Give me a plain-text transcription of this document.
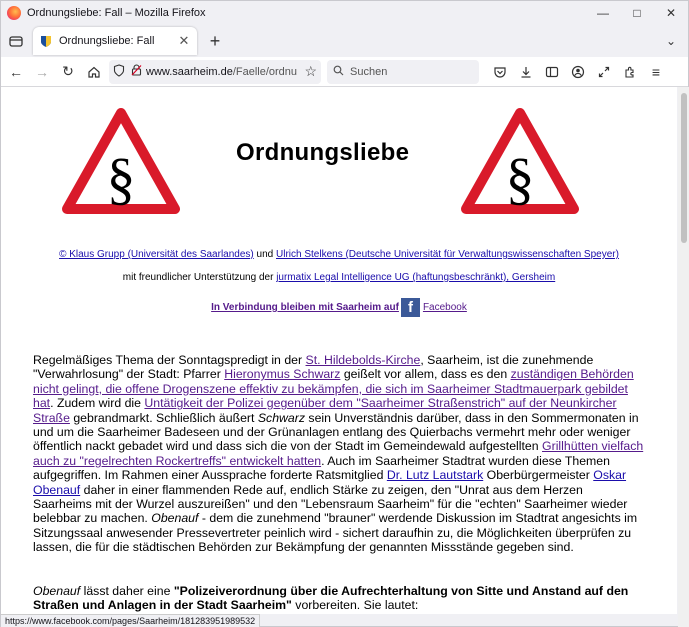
Ordnungsliebe: Fall – Mozilla Firefox	—	□	✕
Ordnungsliebe: Fall	✕	+	⌄
← → ↻	www.saarheim.de/Faelle/ordnu ☆	Suchen	≡
§	§
Ordnungsliebe
© Klaus Grupp (Universität des Saarlandes) und Ulrich Stelkens (Deutsche Universität für Verwaltungswissenschaften Speyer)
mit freundlicher Unterstützung der jurmatix Legal Intelligence UG (haftungsbeschränkt), Gersheim
In Verbindung bleiben mit Saarheim auf f	Facebook
Regelmäßiges Thema der Sonntagspredigt in der St. Hildebolds-Kirche, Saarheim, ist die zunehmende "Verwahrlosung" der Stadt: Pfarrer Hieronymus Schwarz geißelt vor allem, dass es den zuständigen Behörden nicht gelingt, die offene Drogenszene effektiv zu bekämpfen, die sich im Saarheimer Stadtmauerpark gebildet hat. Zudem wird die Untätigkeit der Polizei gegenüber dem "Saarheimer Straßenstrich" auf der Neunkircher Straße gebrandmarkt. Schließlich äußert Schwarz sein Unverständnis darüber, dass in den Sommermonaten in und um die Saarheimer Badeseen und der Grünanlagen entlang des Quierbachs vermehrt mehr oder weniger öffentlich nackt gebadet wird und dass sich die von der Stadt im Gemeindewald aufgestellten Grillhütten vielfach auch zu "regelrechten Rockertreffs" entwickelt hatten. Auch im Saarheimer Stadtrat wurden diese Themen aufgegriffen. Im Rahmen einer Aussprache forderte Ratsmitglied Dr. Lutz Lautstark Oberbürgermeister Oskar Obenauf daher in einer flammenden Rede auf, endlich Stärke zu zeigen, den "Unrat aus dem Herzen Saarheims mit der Wurzel auszureißen" und den "Lebensraum Saarheim" für die "echten" Saarheimer wieder belebbar zu machen. Obenauf - dem die zunehmend "brauner" werdende Diskussion im Stadtrat angesichts im Sitzungssaal anwesender Pressevertreter peinlich wird - sichert daraufhin zu, die Möglichkeiten überprüfen zu lassen, die für die städtischen Behörden zur Bekämpfung der genannten Missstände gegeben sind.
Obenauf lässt daher eine "Polizeiverordnung über die Aufrechterhaltung von Sitte und Anstand auf den Straßen und Anlagen in der Stadt Saarheim" vorbereiten. Sie lautet:
https://www.facebook.com/pages/Saarheim/181283951989532
